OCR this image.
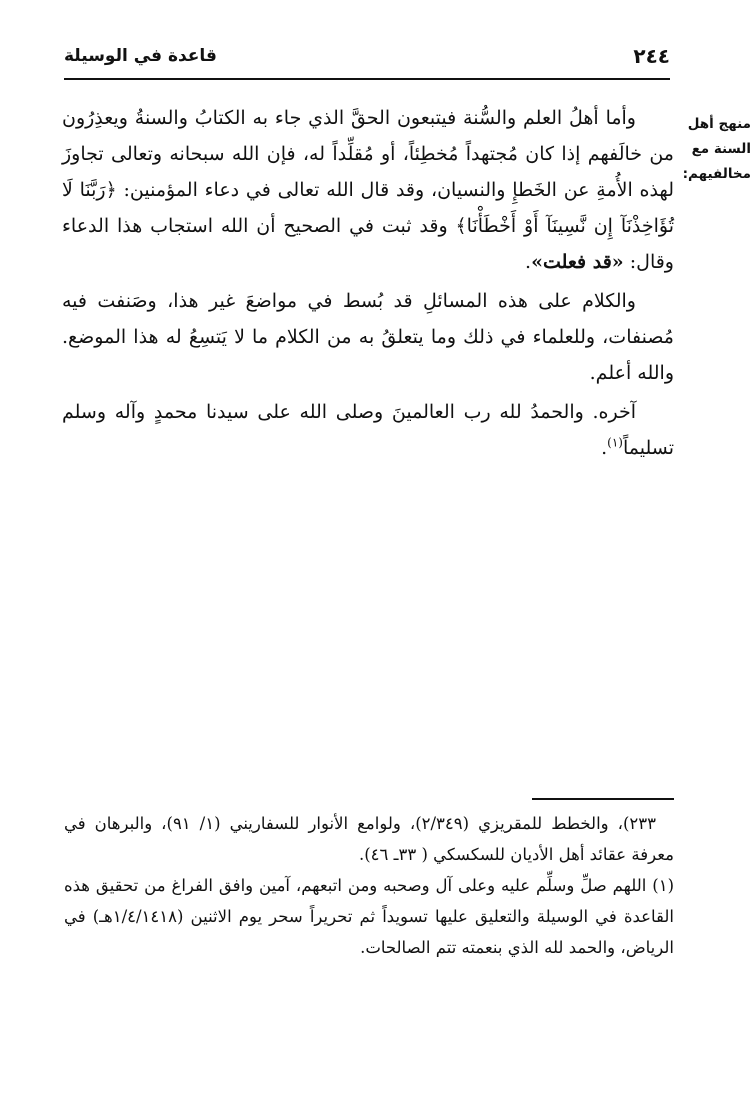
٢٤٤
قاعدة في الوسيلة
منهج أهل
السنة مع
مخالفيهم:

وأما أهلُ العلم والسُّنة فيتبعون الحقَّ الذي جاء به الكتابُ والسنةُ ويعذِرُون من خالَفهم إذا كان مُجتهداً مُخطِئاً، أو مُقلِّداً له، فإن الله سبحانه وتعالى تجاوزَ لهذه الأُمةِ عن الخَطإِ والنسيان، وقد قال الله تعالى في دعاء المؤمنين: ﴿رَبَّنَا لَا تُؤَاخِذْنَآ إِن نَّسِينَآ أَوْ أَخْطَأْنَا﴾ وقد ثبت في الصحيح أن الله استجاب هذا الدعاء وقال: «قد فعلت».

والكلام على هذه المسائلِ قد بُسط في مواضعَ غير هذا، وصَنفت فيه مُصنفات، وللعلماء في ذلك وما يتعلقُ به من الكلام ما لا يَتسِعُ له هذا الموضع. والله أعلم.

آخره. والحمدُ لله رب العالمينَ وصلى الله على سيدنا محمدٍ وآله وسلم تسليماً$^{(١)}$.

٢٣٣)، والخطط للمقريزي (٢/٣٤٩)، ولوامع الأنوار للسفاريني (١/ ٩١)، والبرهان في معرفة عقائد أهل الأديان للسكسكي ( ٣٣ـ ٤٦).

(١) اللهم صلِّ وسلِّم عليه وعلى آل وصحبه ومن اتبعهم، آمين وافق الفراغ من تحقيق هذه القاعدة في الوسيلة والتعليق عليها تسويداً ثم تحريراً سحر يوم الاثنين (١/٤/١٤١٨هـ) في الرياض، والحمد لله الذي بنعمته تتم الصالحات.
